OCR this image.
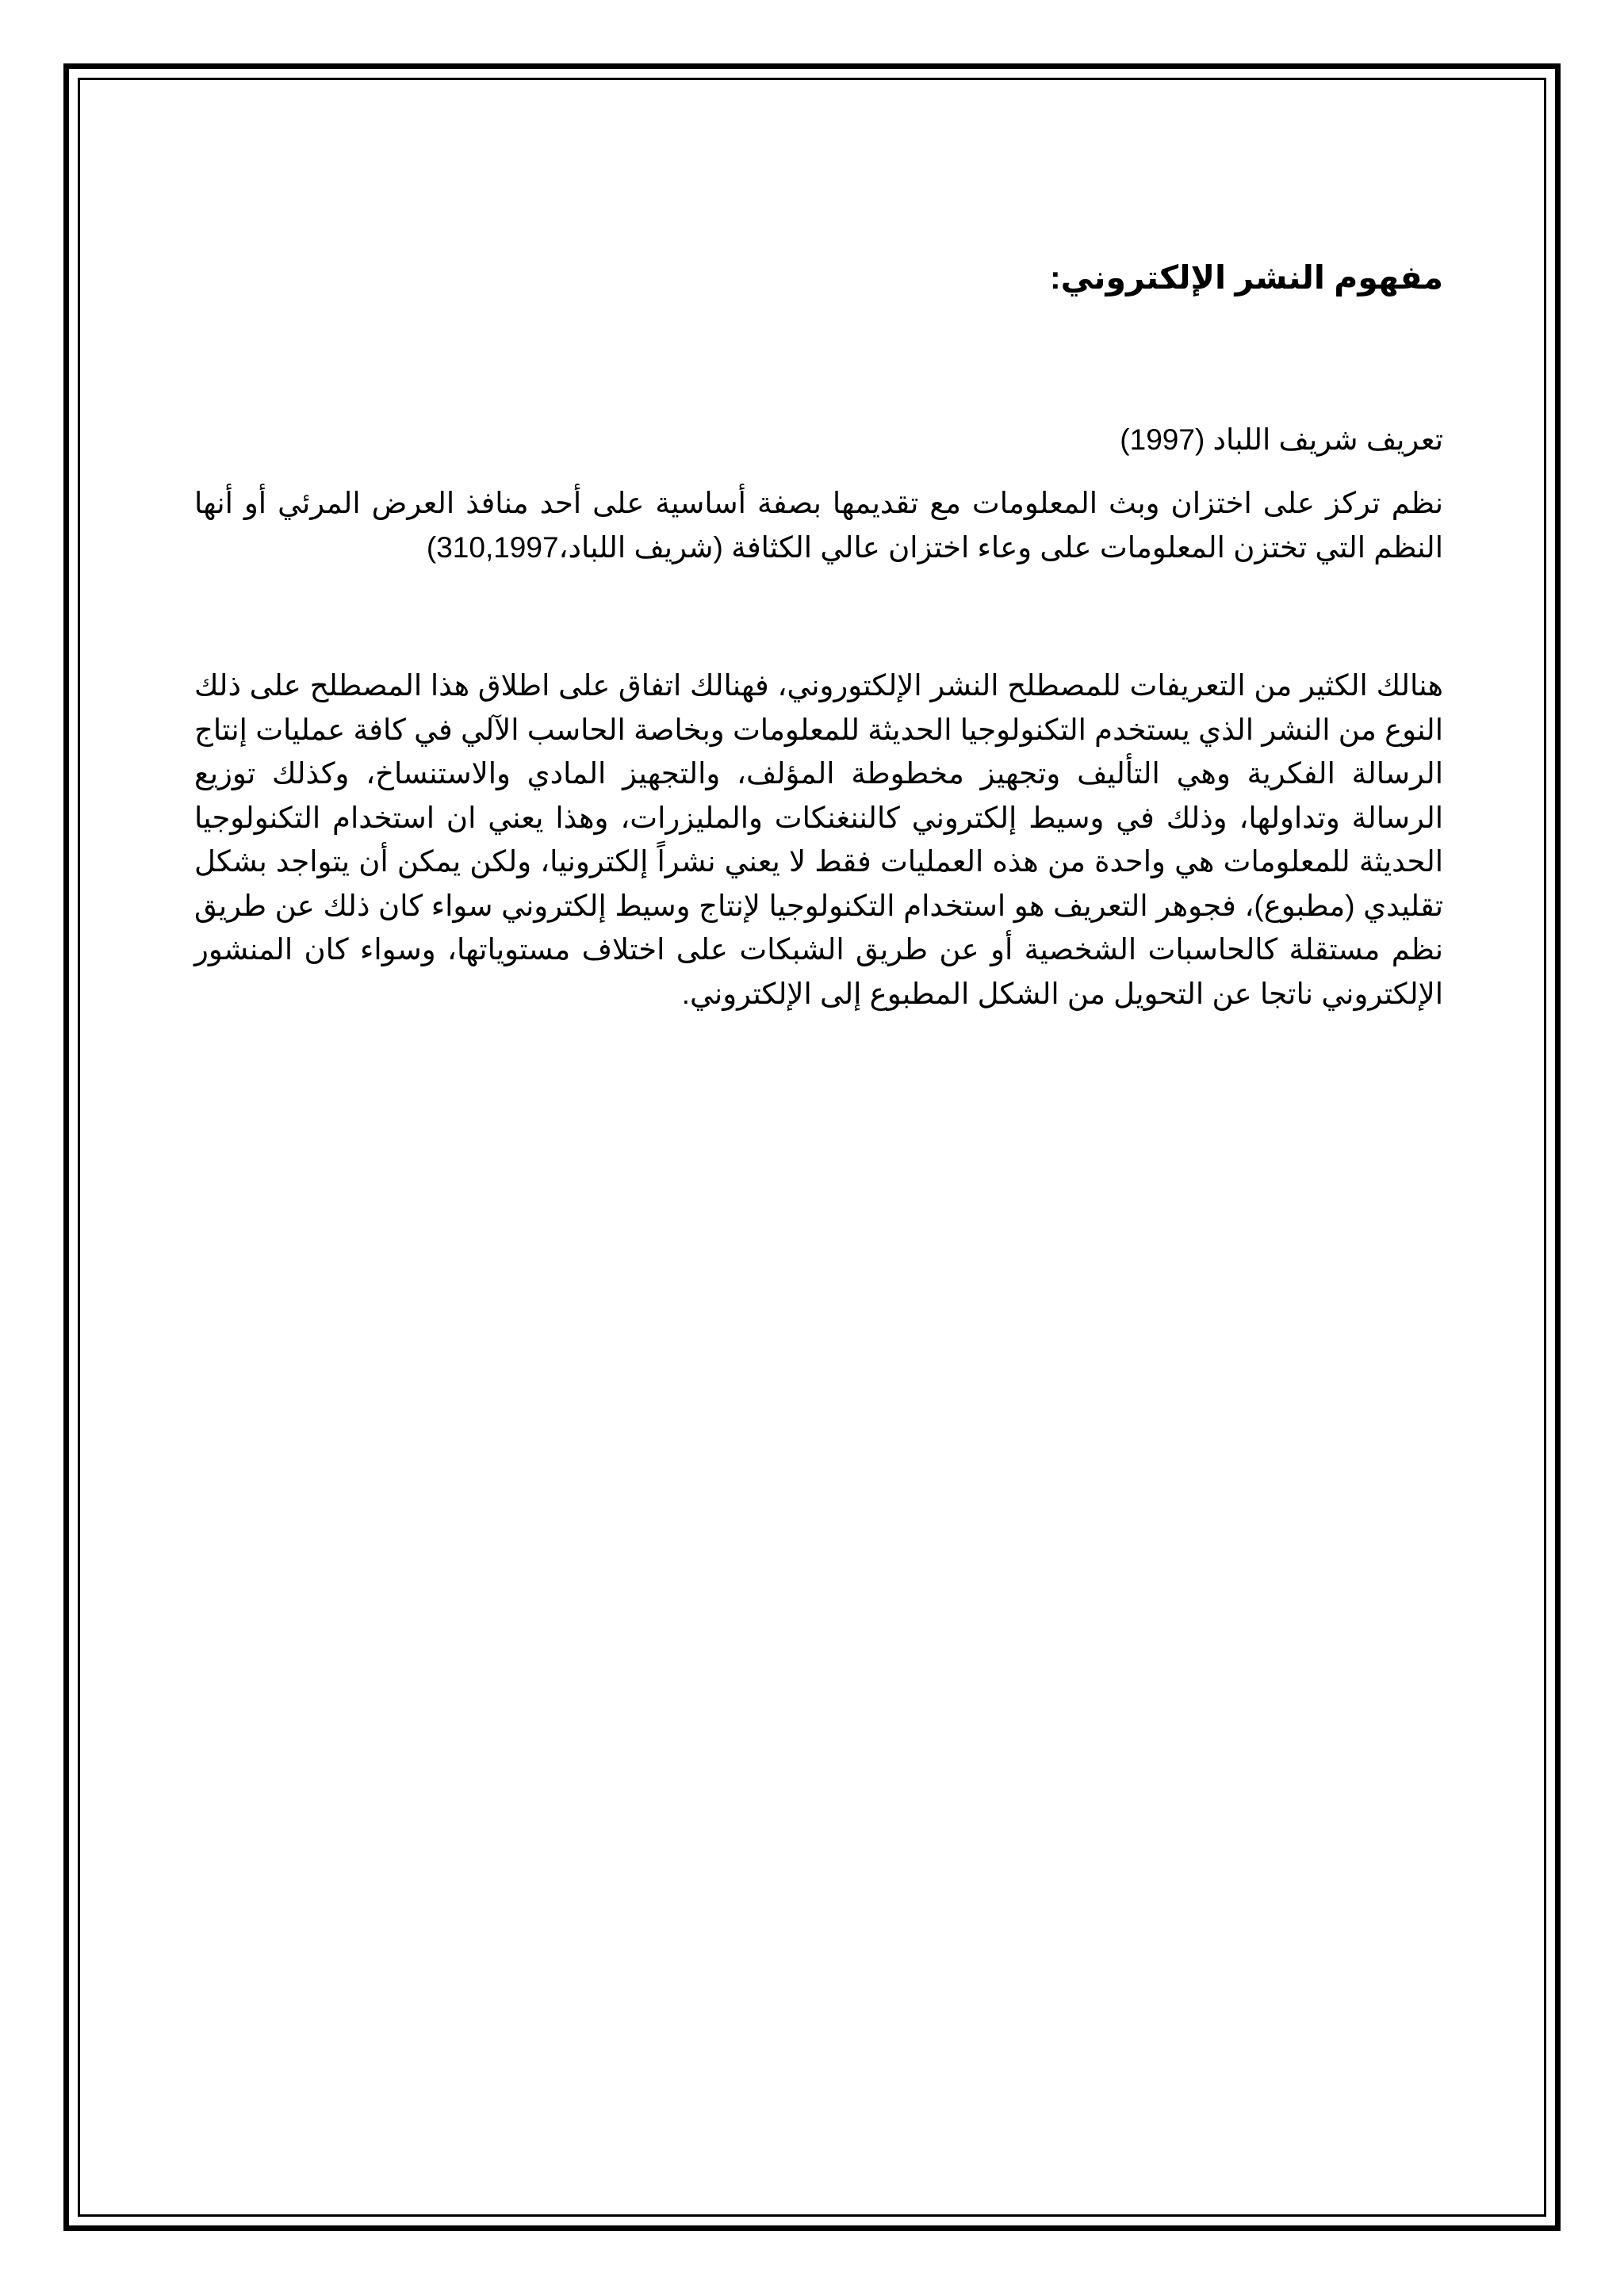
مفهوم النشر الإلكتروني:

تعريف شريف اللباد (1997)

نظم تركز على اختزان وبث المعلومات مع تقديمها بصفة أساسية على أحد منافذ العرض المرئي أو أنها النظم التي تختزن المعلومات على وعاء اختزان عالي الكثافة (شريف اللباد،310,1997)

هنالك الكثير من التعريفات للمصطلح النشر الإلكتوروني، فهنالك اتفاق على اطلاق هذا المصطلح على ذلك النوع من النشر الذي يستخدم التكنولوجيا الحديثة للمعلومات وبخاصة الحاسب الآلي في كافة عمليات إنتاج الرسالة الفكرية وهي التأليف وتجهيز مخطوطة المؤلف، والتجهيز المادي والاستنساخ، وكذلك توزيع الرسالة وتداولها، وذلك في وسيط إلكتروني كالننغنكات والمليزرات، وهذا يعني ان استخدام التكنولوجيا الحديثة للمعلومات هي واحدة من هذه العمليات فقط لا يعني نشراً إلكترونيا، ولكن يمكن أن يتواجد بشكل تقليدي (مطبوع)، فجوهر التعريف هو استخدام التكنولوجيا لإنتاج وسيط إلكتروني سواء كان ذلك عن طريق نظم مستقلة كالحاسبات الشخصية أو عن طريق الشبكات على اختلاف مستوياتها، وسواء كان المنشور الإلكتروني ناتجا عن التحويل من الشكل المطبوع إلى الإلكتروني.
